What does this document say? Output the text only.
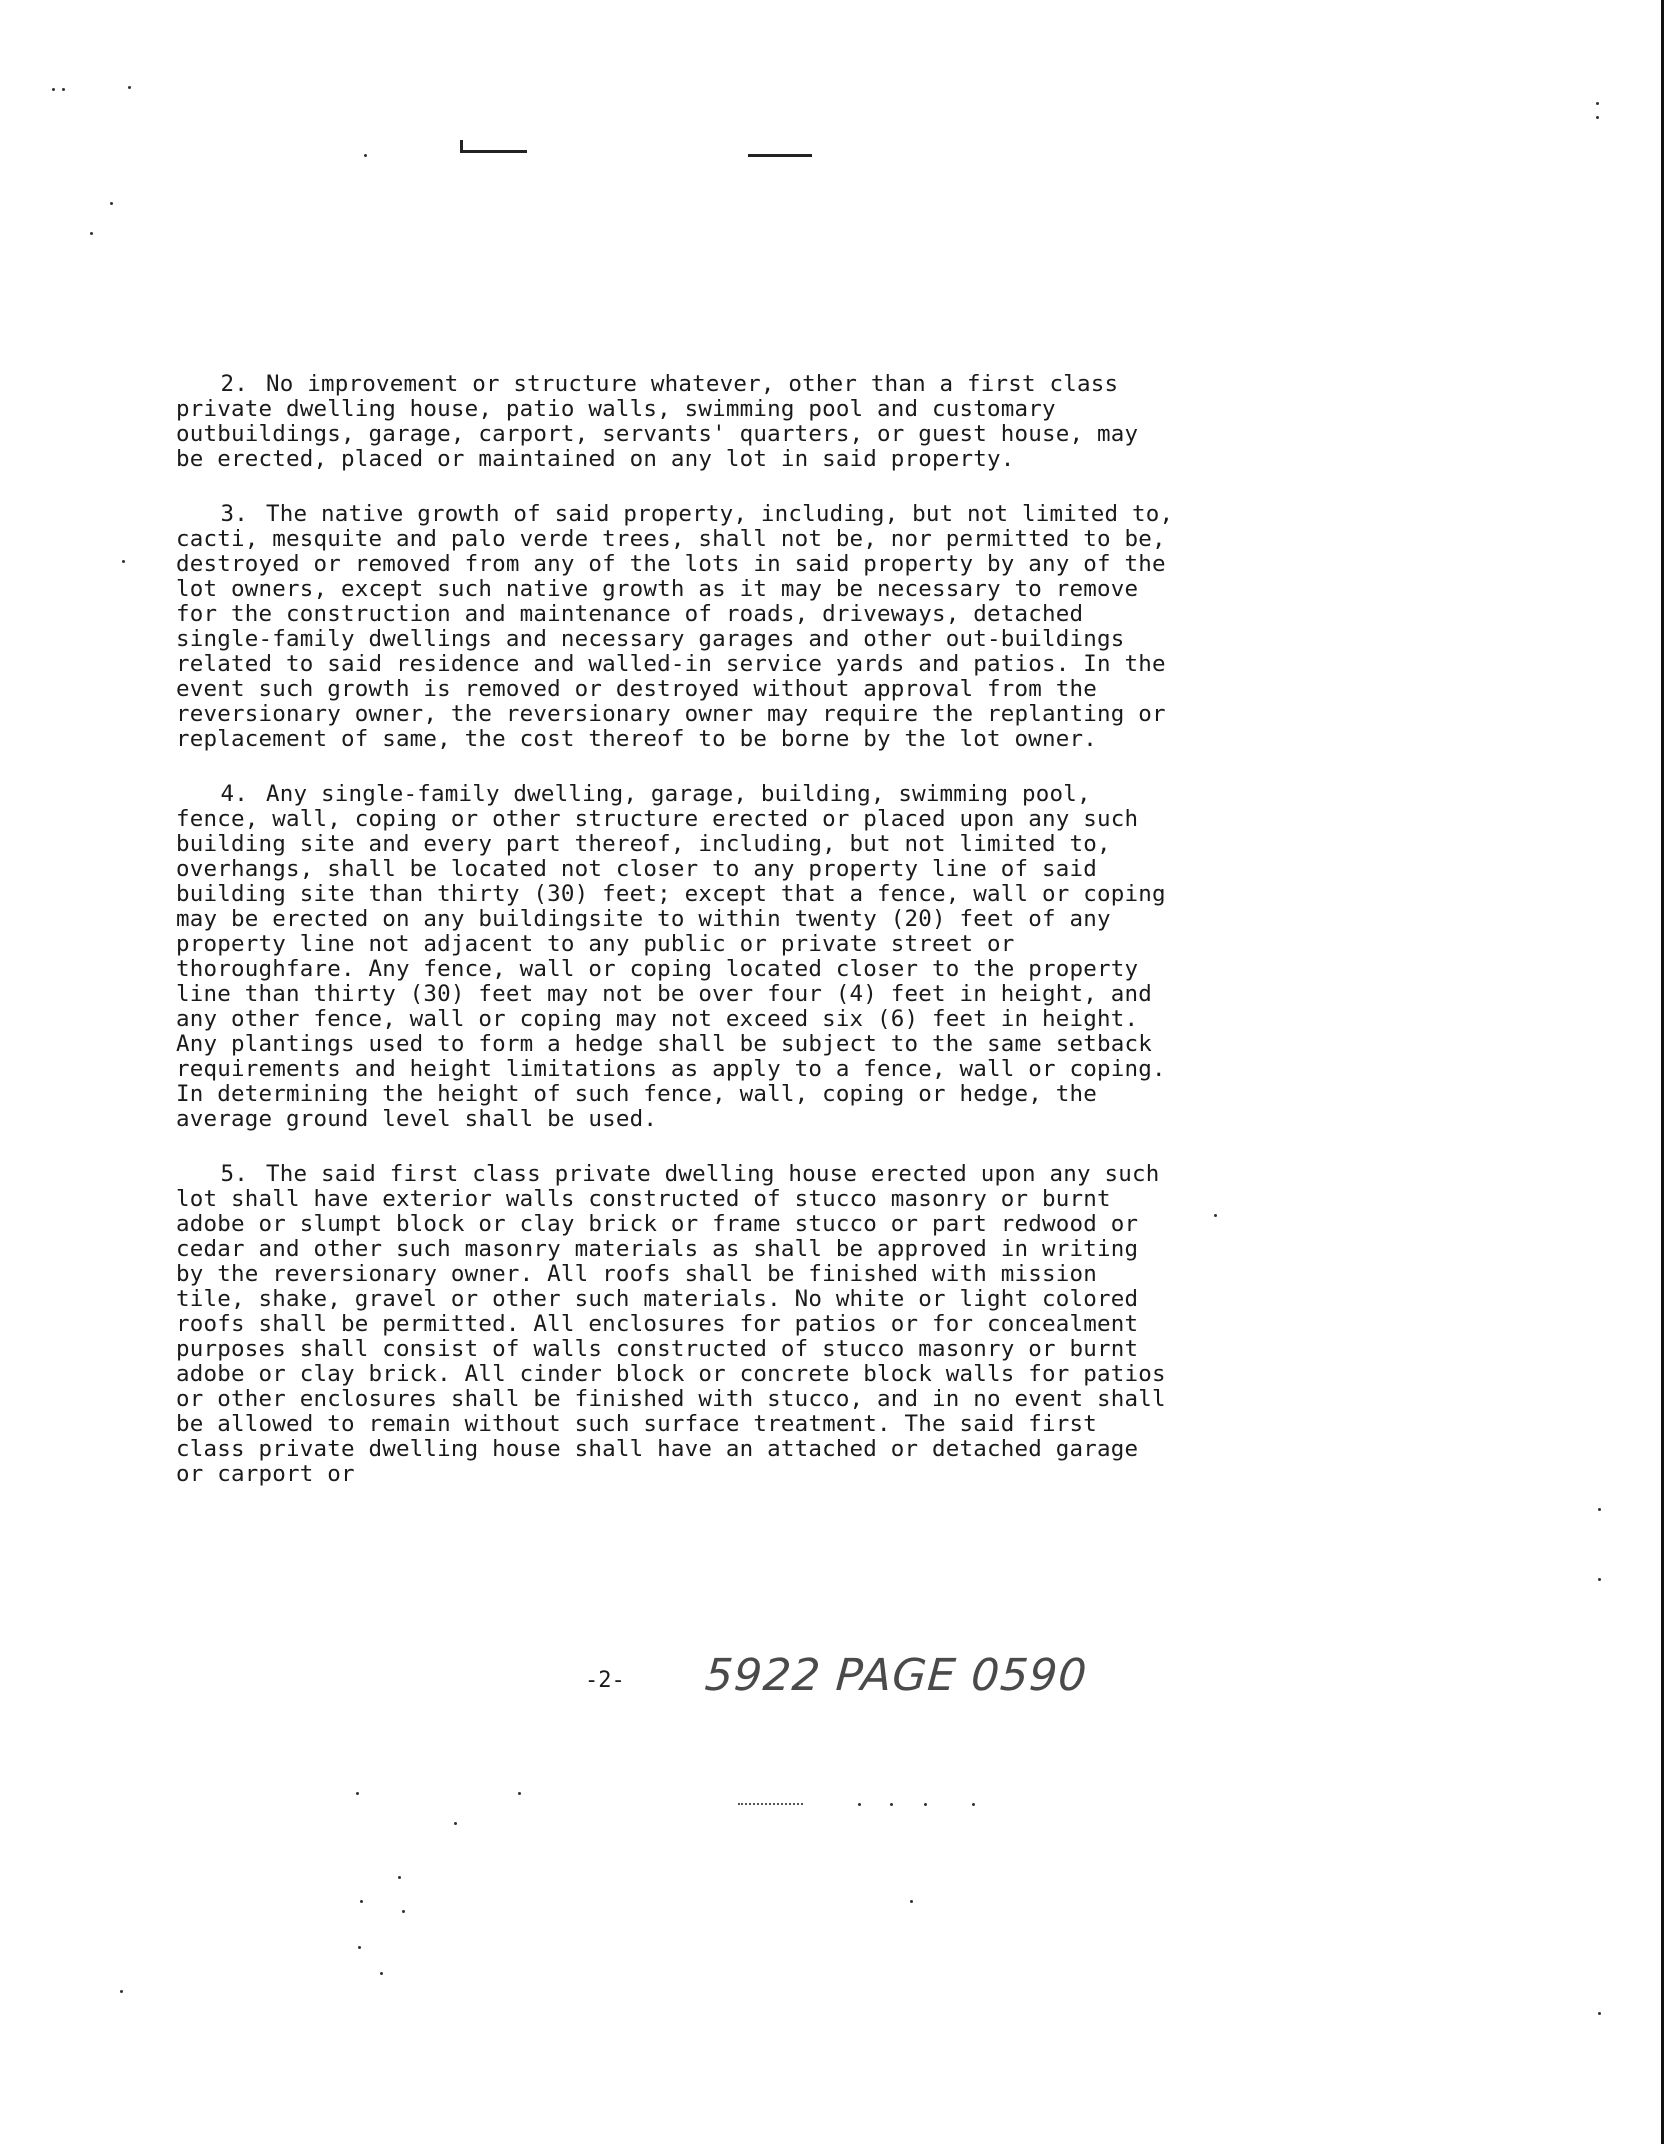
2. No improvement or structure whatever, other than a first class private dwelling house, patio walls, swimming pool and customary outbuildings, garage, carport, servants' quarters, or guest house, may be erected, placed or maintained on any lot in said property.

3. The native growth of said property, including, but not limited to, cacti, mesquite and palo verde trees, shall not be, nor permitted to be, destroyed or removed from any of the lots in said property by any of the lot owners, except such native growth as it may be necessary to remove for the construction and maintenance of roads, driveways, detached single-family dwellings and necessary garages and other out-buildings related to said residence and walled-in service yards and patios. In the event such growth is removed or destroyed without approval from the reversionary owner, the reversionary owner may require the replanting or replacement of same, the cost thereof to be borne by the lot owner.

4. Any single-family dwelling, garage, building, swimming pool, fence, wall, coping or other structure erected or placed upon any such building site and every part thereof, including, but not limited to, overhangs, shall be located not closer to any property line of said building site than thirty (30) feet; except that a fence, wall or coping may be erected on any buildingsite to within twenty (20) feet of any property line not adjacent to any public or private street or thoroughfare. Any fence, wall or coping located closer to the property line than thirty (30) feet may not be over four (4) feet in height, and any other fence, wall or coping may not exceed six (6) feet in height. Any plantings used to form a hedge shall be subject to the same setback requirements and height limitations as apply to a fence, wall or coping. In determining the height of such fence, wall, coping or hedge, the average ground level shall be used.

5. The said first class private dwelling house erected upon any such lot shall have exterior walls constructed of stucco masonry or burnt adobe or slumpt block or clay brick or frame stucco or part redwood or cedar and other such masonry materials as shall be approved in writing by the reversionary owner. All roofs shall be finished with mission tile, shake, gravel or other such materials. No white or light colored roofs shall be permitted. All enclosures for patios or for concealment purposes shall consist of walls constructed of stucco masonry or burnt adobe or clay brick. All cinder block or concrete block walls for patios or other enclosures shall be finished with stucco, and in no event shall be allowed to remain without such surface treatment. The said first class private dwelling house shall have an attached or detached garage or carport or

-2- 5922 PAGE 0590
